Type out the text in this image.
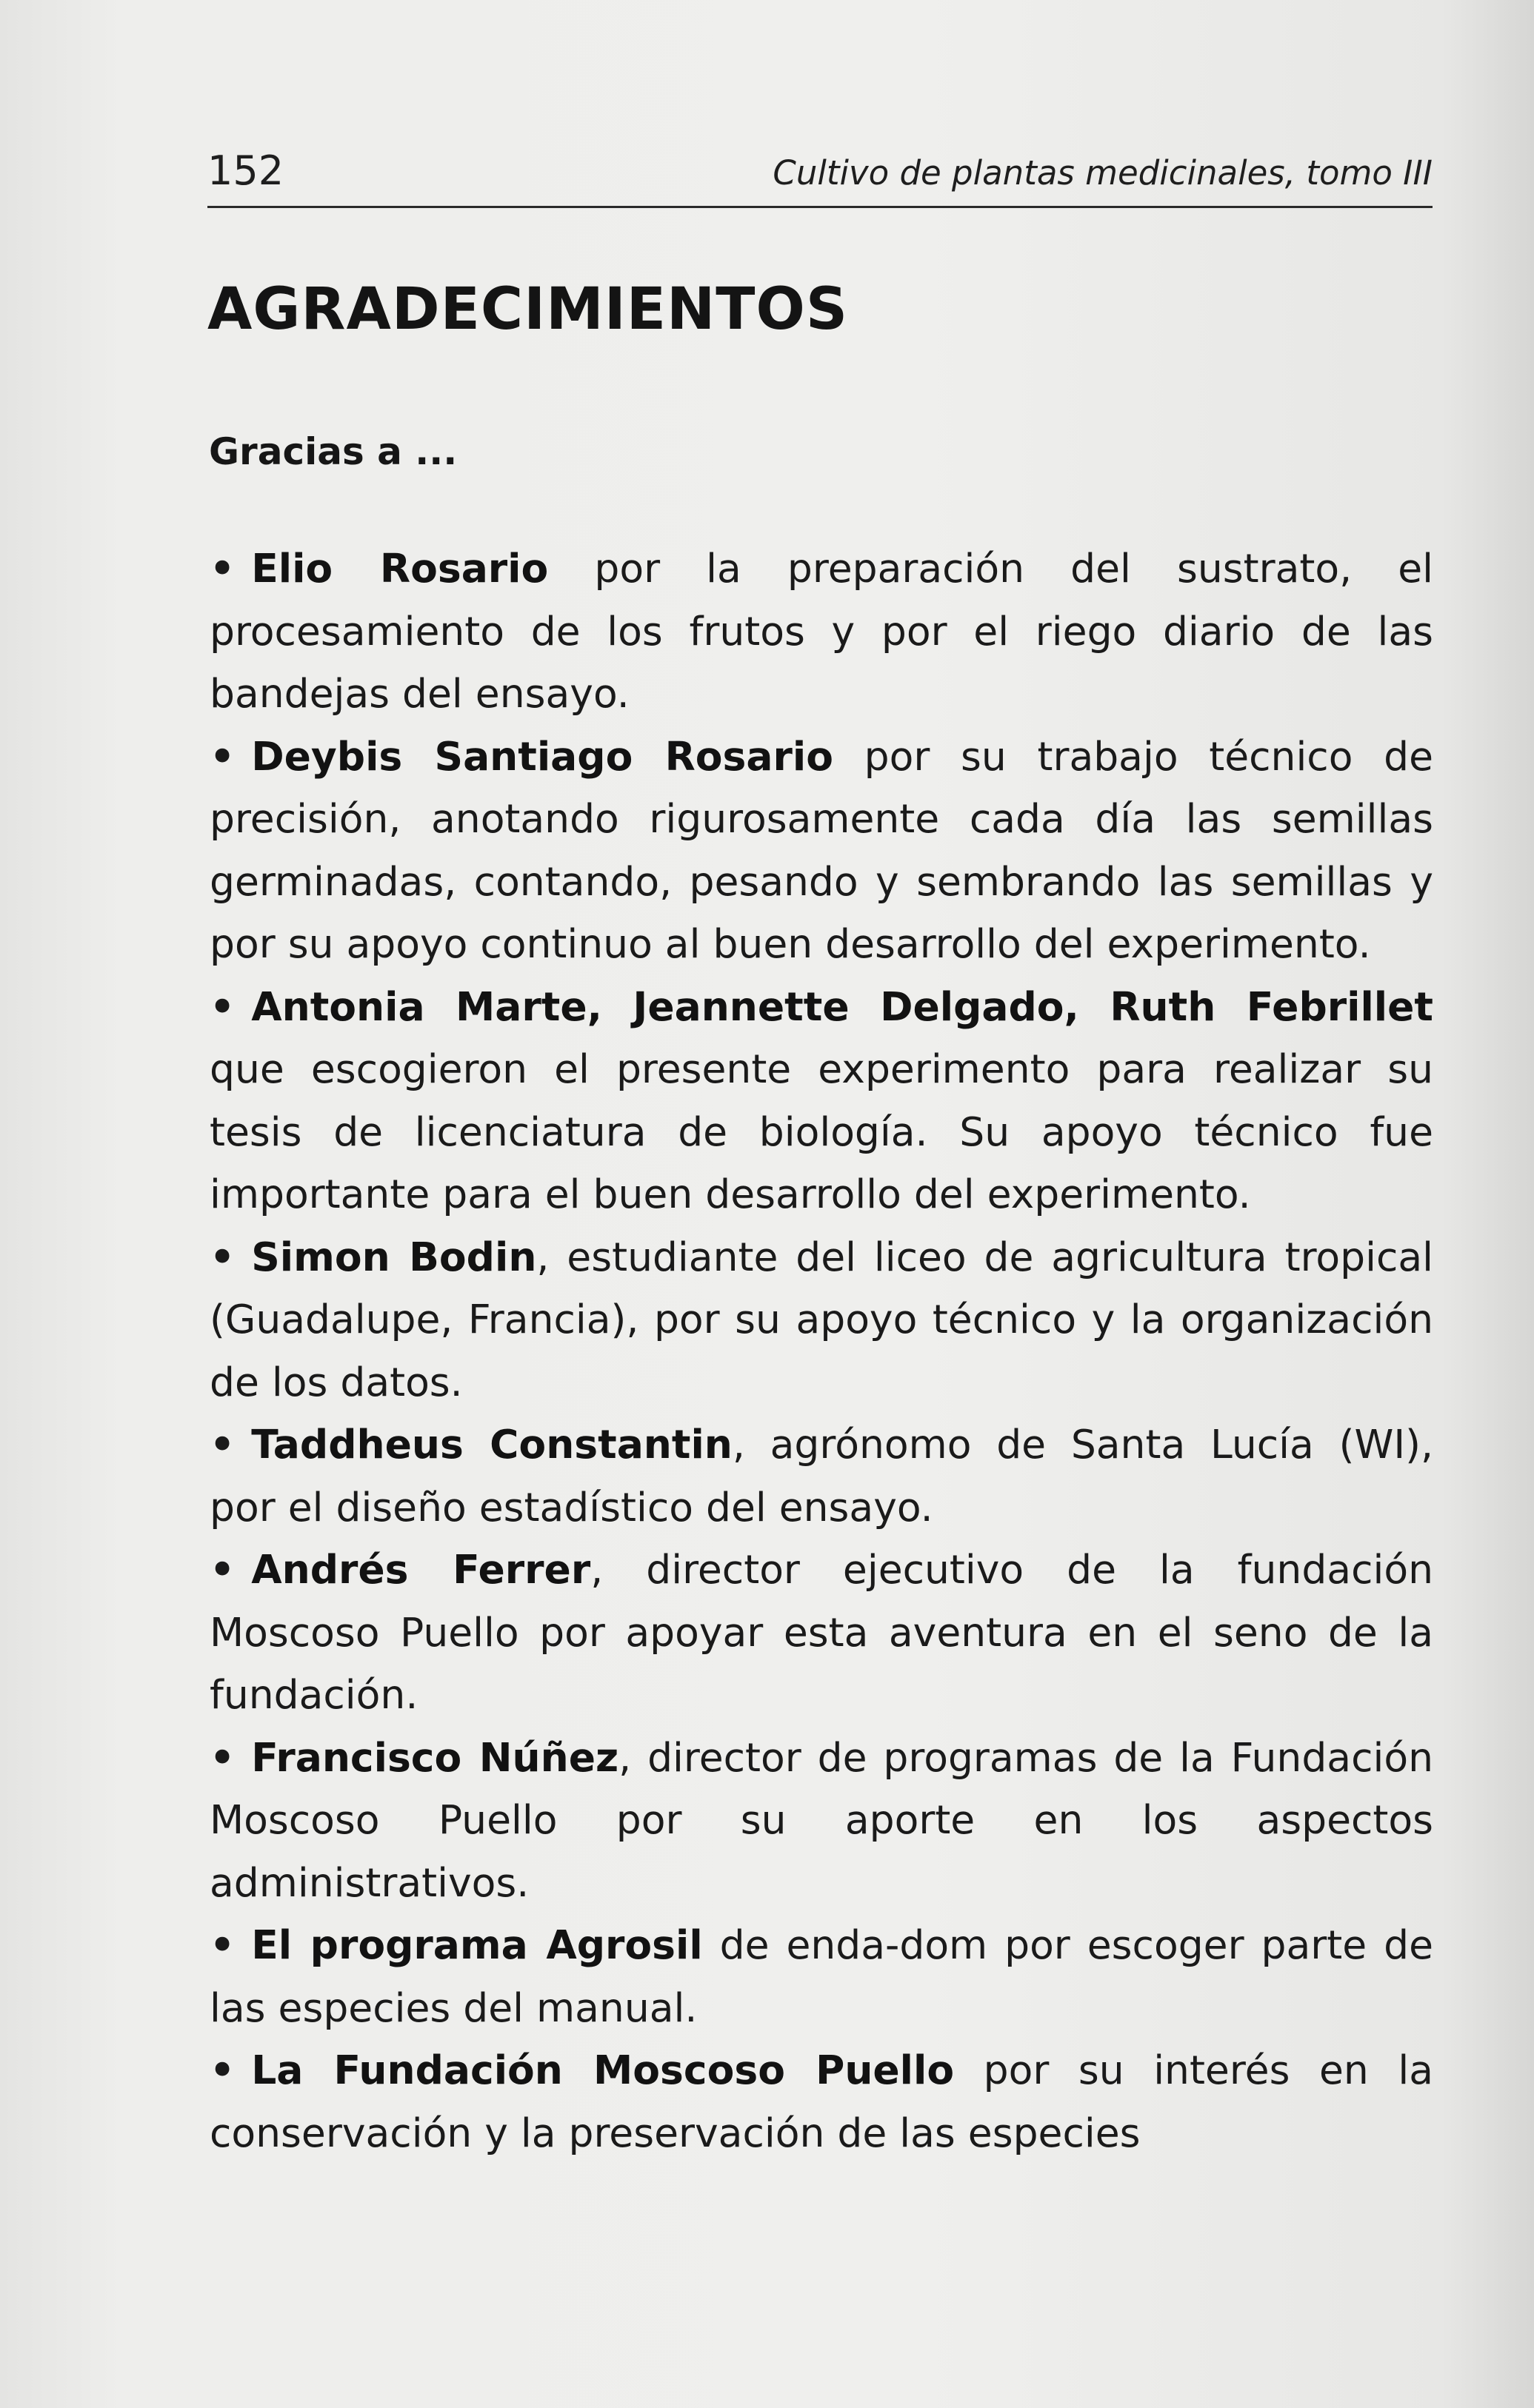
152	Cultivo de plantas medicinales, tomo III
AGRADECIMIENTOS
Gracias a ...

• Elio Rosario por la preparación del sustrato, el procesamiento de los frutos y por el riego diario de las bandejas del ensayo.

• Deybis Santiago Rosario por su trabajo técnico de precisión, anotando rigurosamente cada día las semillas germinadas, contando, pesando y sembrando las semillas y por su apoyo continuo al buen desarrollo del experimento.

• Antonia Marte, Jeannette Delgado, Ruth Febrillet que escogieron el presente experimento para realizar su tesis de licenciatura de biología. Su apoyo técnico fue importante para el buen desarrollo del experimento.

• Simon Bodin, estudiante del liceo de agricultura tropical (Guadalupe, Francia), por su apoyo técnico y la organización de los datos.

• Taddheus Constantin, agrónomo de Santa Lucía (WI), por el diseño estadístico del ensayo.

• Andrés Ferrer, director ejecutivo de la fundación Moscoso Puello por apoyar esta aventura en el seno de la fundación.

• Francisco Núñez, director de programas de la Fundación Moscoso Puello por su aporte en los aspectos administrativos.

• El programa Agrosil de enda-dom por escoger parte de las especies del manual.

• La Fundación Moscoso Puello por su interés en la conservación y la preservación de las especies
